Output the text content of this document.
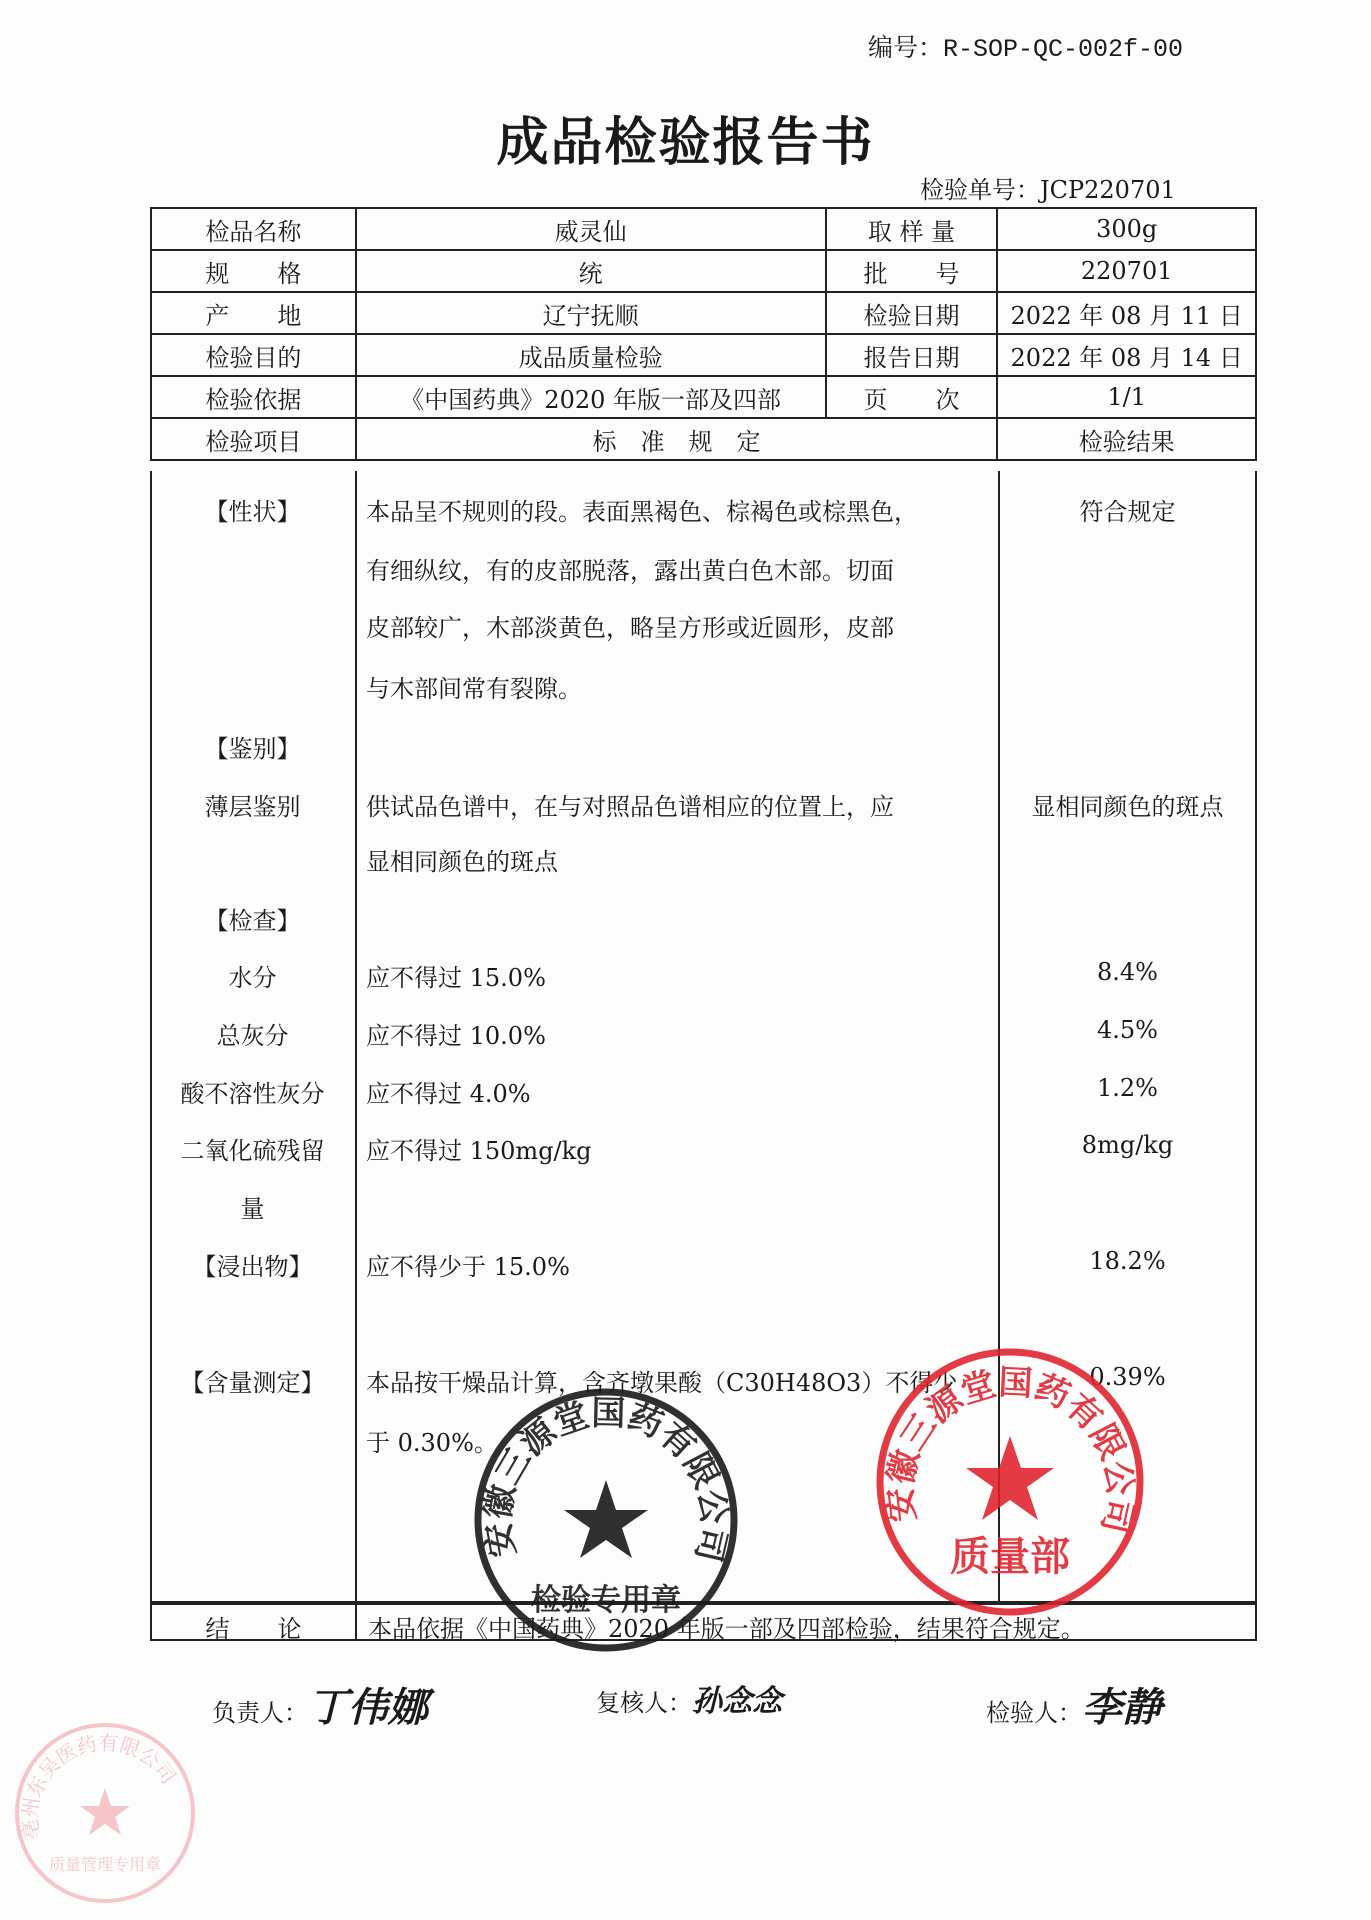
编号：R-SOP-QC-002f-00
成品检验报告书
检验单号：JCP220701
检品名称	威灵仙	取 样 量	300g
规　　格	统	批　　号	220701
产　　地	辽宁抚顺	检验日期	2022 年 08 月 11 日
检验目的	成品质量检验	报告日期	2022 年 08 月 14 日
检验依据	《中国药典》2020 年版一部及四部	页　　次	1/1
检验项目	标　准　规　定		检验结果
【性状】	本品呈不规则的段。表面黑褐色、棕褐色或棕黑色，	符合规定
有细纵纹，有的皮部脱落，露出黄白色木部。切面
皮部较广，木部淡黄色，略呈方形或近圆形，皮部
与木部间常有裂隙。
【鉴别】
薄层鉴别	供试品色谱中，在与对照品色谱相应的位置上，应	显相同颜色的斑点
显相同颜色的斑点
【检查】
水分	应不得过 15.0%	8.4%
总灰分	应不得过 10.0%	4.5%
酸不溶性灰分	应不得过 4.0%	1.2%
二氧化硫残留	应不得过 150mg/kg	8mg/kg
量
【浸出物】	应不得少于 15.0%	18.2%
【含量测定】	本品按干燥品计算，含齐墩果酸（C30H48O3）不得少	0.39%
于 0.30%。
结　　论	本品依据《中国药典》2020 年版一部及四部检验，结果符合规定。
负责人：丁伟娜	复核人：孙念念	检验人：李静
安徽三源堂国药有限公司
检验专用章
安徽三源堂国药有限公司
质量部
亳州东吴医药有限公司
质量管理专用章
